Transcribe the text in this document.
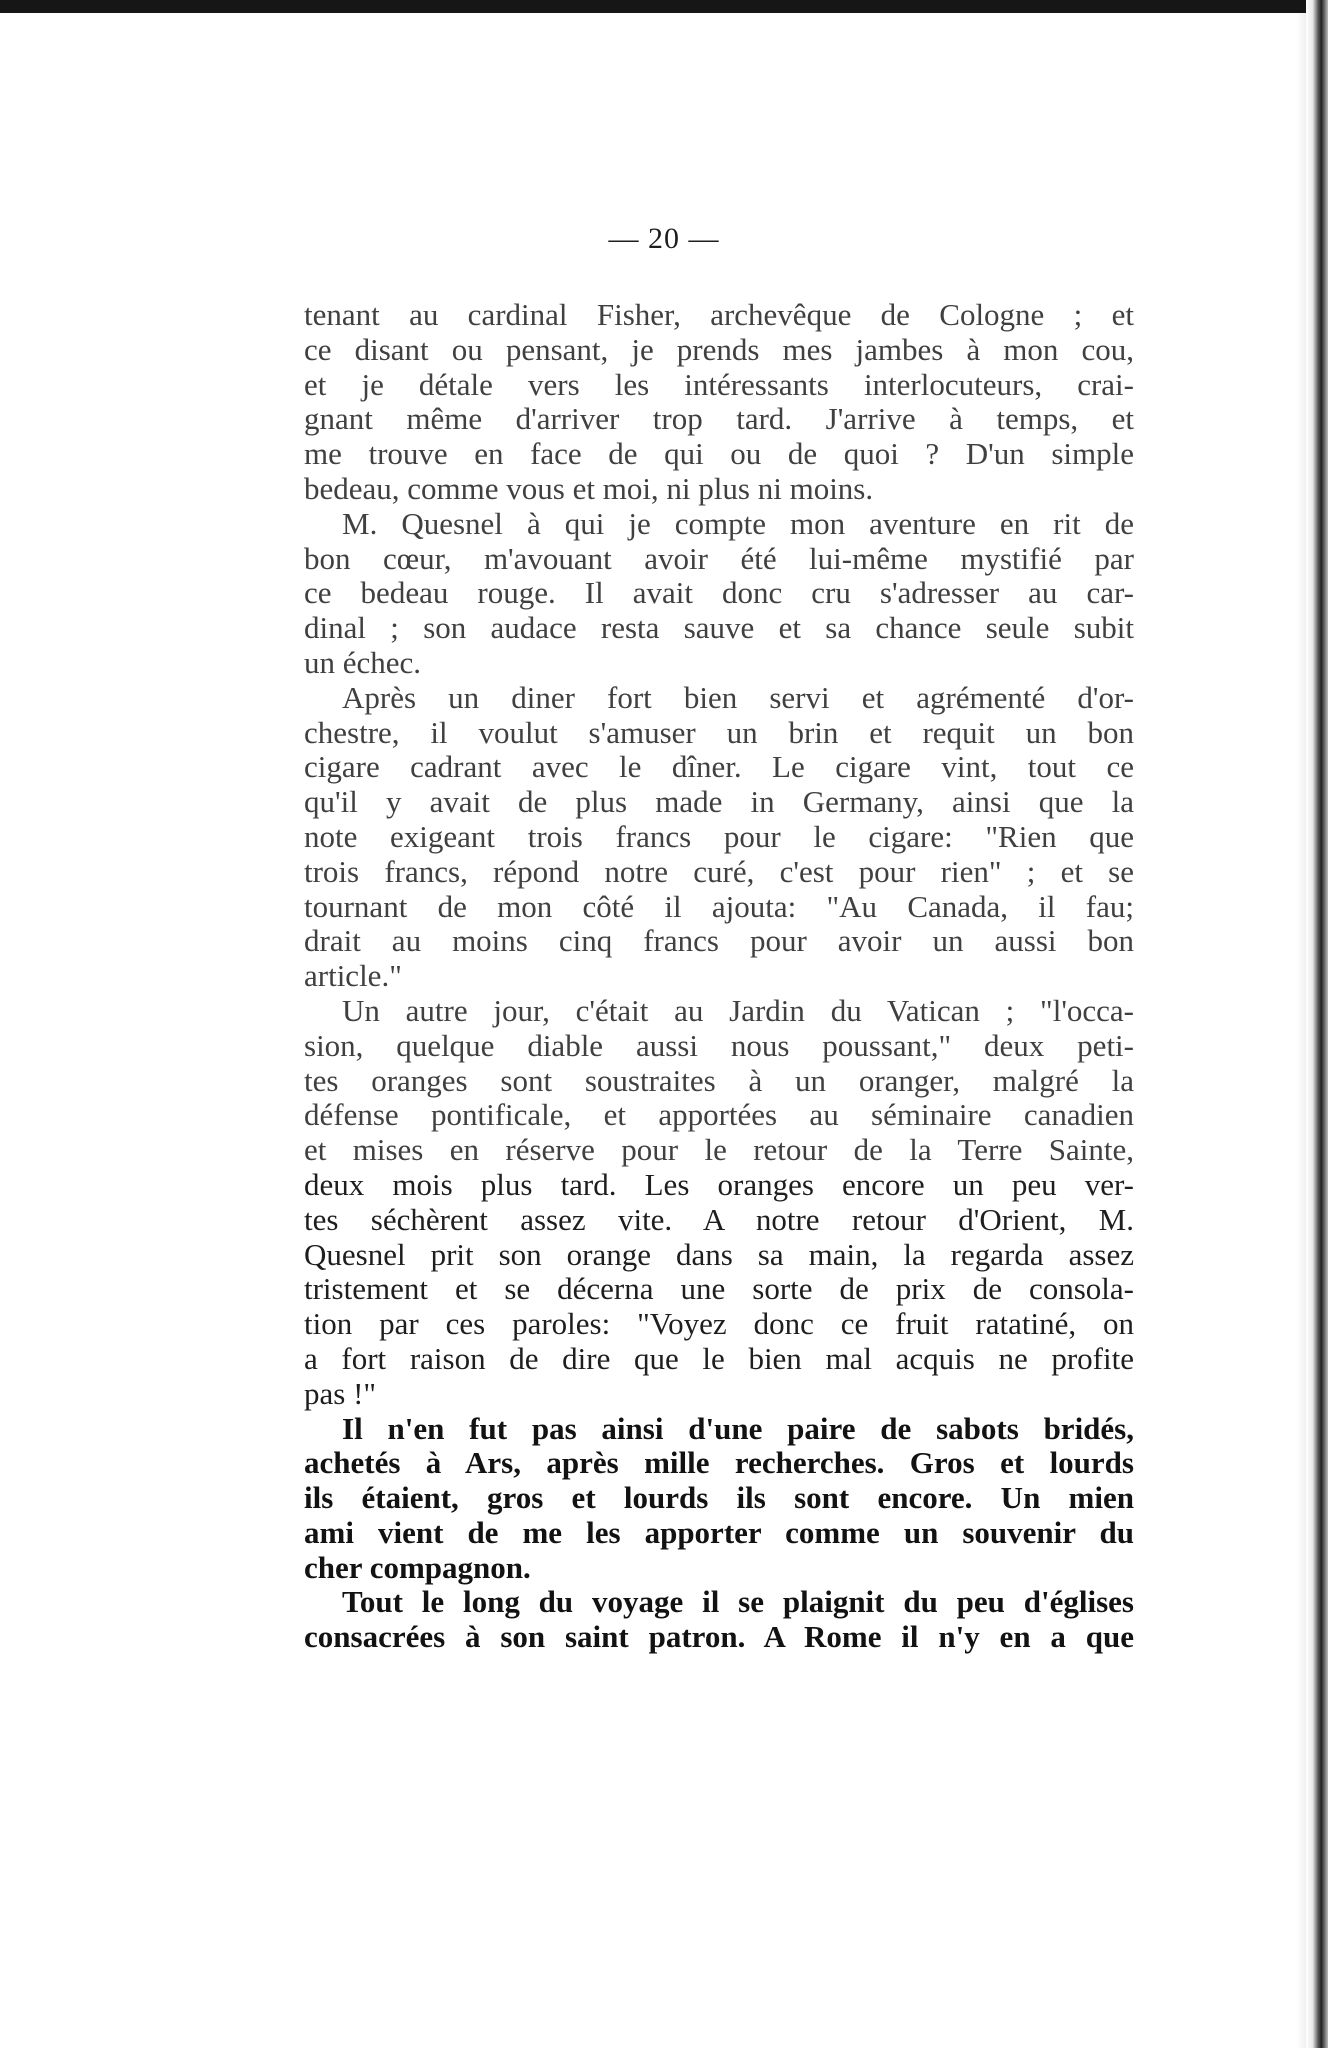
— 20 —
tenant au cardinal Fisher, archevêque de Cologne ; et
ce disant ou pensant, je prends mes jambes à mon cou,
et je détale vers les intéressants interlocuteurs, crai-
gnant même d'arriver trop tard. J'arrive à temps, et
me trouve en face de qui ou de quoi ? D'un simple
bedeau, comme vous et moi, ni plus ni moins.
M. Quesnel à qui je compte mon aventure en rit de
bon cœur, m'avouant avoir été lui-même mystifié par
ce bedeau rouge. Il avait donc cru s'adresser au car-
dinal ; son audace resta sauve et sa chance seule subit
un échec.
Après un diner fort bien servi et agrémenté d'or-
chestre, il voulut s'amuser un brin et requit un bon
cigare cadrant avec le dîner. Le cigare vint, tout ce
qu'il y avait de plus made in Germany, ainsi que la
note exigeant trois francs pour le cigare: "Rien que
trois francs, répond notre curé, c'est pour rien" ; et se
tournant de mon côté il ajouta: "Au Canada, il fau;
drait au moins cinq francs pour avoir un aussi bon
article."
Un autre jour, c'était au Jardin du Vatican ; "l'occa-
sion, quelque diable aussi nous poussant," deux peti-
tes oranges sont soustraites à un oranger, malgré la
défense pontificale, et apportées au séminaire canadien
et mises en réserve pour le retour de la Terre Sainte,
deux mois plus tard. Les oranges encore un peu ver-
tes séchèrent assez vite. A notre retour d'Orient, M.
Quesnel prit son orange dans sa main, la regarda assez
tristement et se décerna une sorte de prix de consola-
tion par ces paroles: "Voyez donc ce fruit ratatiné, on
a fort raison de dire que le bien mal acquis ne profite
pas !"
Il n'en fut pas ainsi d'une paire de sabots bridés,
achetés à Ars, après mille recherches. Gros et lourds
ils étaient, gros et lourds ils sont encore. Un mien
ami vient de me les apporter comme un souvenir du
cher compagnon.
Tout le long du voyage il se plaignit du peu d'églises
consacrées à son saint patron. A Rome il n'y en a que
